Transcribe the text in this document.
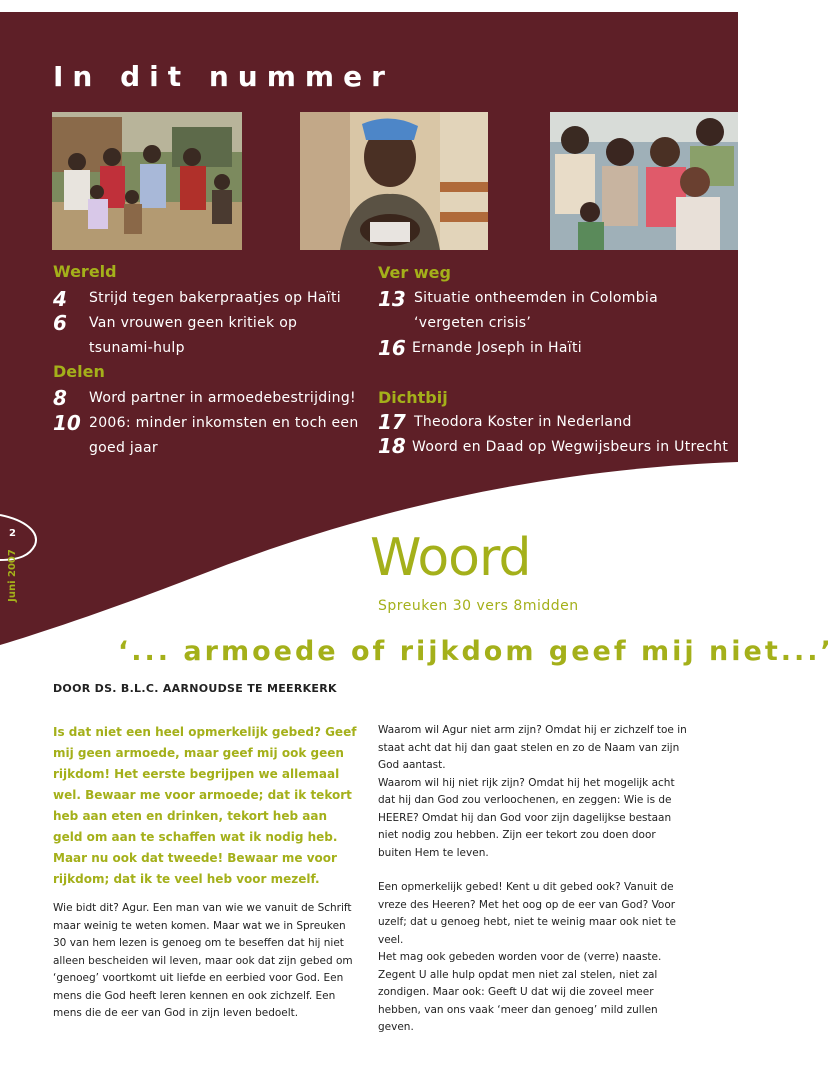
In dit nummer
Wereld
4 Strijd tegen bakerpraatjes op Haïti
6 Van vrouwen geen kritiek op
tsunami-hulp
Delen
8 Word partner in armoedebestrijding!
10 2006: minder inkomsten en toch een
goed jaar
Ver weg
13 Situatie ontheemden in Colombia
‘vergeten crisis’
16 Ernande Joseph in Haïti
Dichtbij
17 Theodora Koster in Nederland
18 Woord en Daad op Wegwijsbeurs in Utrecht
2
Juni 2007	Woord
Spreuken 30 vers 8midden
‘... armoede of rijkdom geef mij niet...’
DOOR DS. B.L.C. AARNOUDSE TE MEERKERK

Is dat niet een heel opmerkelijk gebed? Geef mij geen armoede, maar geef mij ook geen rijkdom! Het eerste begrijpen we allemaal wel. Bewaar me voor armoede; dat ik tekort heb aan eten en drinken, tekort heb aan geld om aan te schaffen wat ik nodig heb. Maar nu ook dat tweede! Bewaar me voor rijkdom; dat ik te veel heb voor mezelf.

Wie bidt dit? Agur. Een man van wie we vanuit de Schrift maar weinig te weten komen. Maar wat we in Spreuken 30 van hem lezen is genoeg om te beseffen dat hij niet alleen bescheiden wil leven, maar ook dat zijn gebed om ‘genoeg’ voortkomt uit liefde en eerbied voor God. Een mens die God heeft leren kennen en ook zichzelf. Een mens die de eer van God in zijn leven bedoelt.

Waarom wil Agur niet arm zijn? Omdat hij er zichzelf toe in staat acht dat hij dan gaat stelen en zo de Naam van zijn God aantast.

Waarom wil hij niet rijk zijn? Omdat hij het mogelijk acht dat hij dan God zou verloochenen, en zeggen: Wie is de HEERE? Omdat hij dan God voor zijn dagelijkse bestaan niet nodig zou hebben. Zijn eer tekort zou doen door buiten Hem te leven.

Een opmerkelijk gebed! Kent u dit gebed ook? Vanuit de vreze des Heeren? Met het oog op de eer van God? Voor uzelf; dat u genoeg hebt, niet te weinig maar ook niet te veel.

Het mag ook gebeden worden voor de (verre) naaste. Zegent U alle hulp opdat men niet zal stelen, niet zal zondigen. Maar ook: Geeft U dat wij die zoveel meer hebben, van ons vaak ‘meer dan genoeg’ mild zullen geven.
